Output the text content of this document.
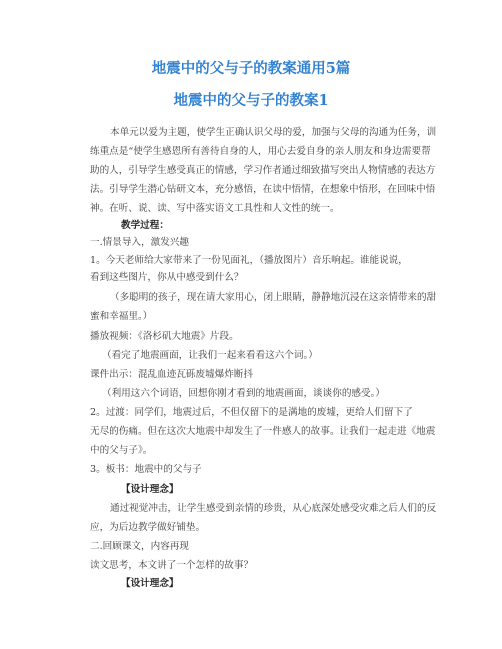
地震中的父与子的教案通用5篇
地震中的父与子的教案1
本单元以爱为主题，使学生正确认识父母的爱，加强与父母的沟通为任务，训
练重点是“使学生感恩所有善待自身的人，用心去爱自身的亲人朋友和身边需要帮
助的人，引导学生感受真正的情感，学习作者通过细致描写突出人物情感的表达方
法。引导学生潜心钻研文本，充分感悟，在读中悟情，在想象中悟形，在回味中悟
神。在听、说、读、写中落实语文工具性和人文性的统一。
教学过程：
一.情景导入，激发兴趣
1。今天老师给大家带来了一份见面礼，（播放图片）音乐响起。谁能说说，
看到这些图片，你从中感受到什么？
（多聪明的孩子，现在请大家用心，闭上眼睛，静静地沉浸在这亲情带来的甜
蜜和幸福里。）
播放视频：《洛杉矶大地震》片段。
（看完了地震画面，让我们一起来看看这六个词。）
课件出示：混乱血迹瓦砾废墟爆炸断抖
（利用这六个词语，回想你刚才看到的地震画面，谈谈你的感受。）
2。过渡：同学们，地震过后，不但仅留下的是满地的废墟，更给人们留下了
无尽的伤痛。但在这次大地震中却发生了一件感人的故事。让我们一起走进《地震
中的父与子》。
3。板书：地震中的父与子
【设计理念】
通过视觉冲击，让学生感受到亲情的珍贵，从心底深处感受灾难之后人们的反
应，为后边教学做好铺垫。
二.回顾课文，内容再现
读文思考，本文讲了一个怎样的故事？
【设计理念】
